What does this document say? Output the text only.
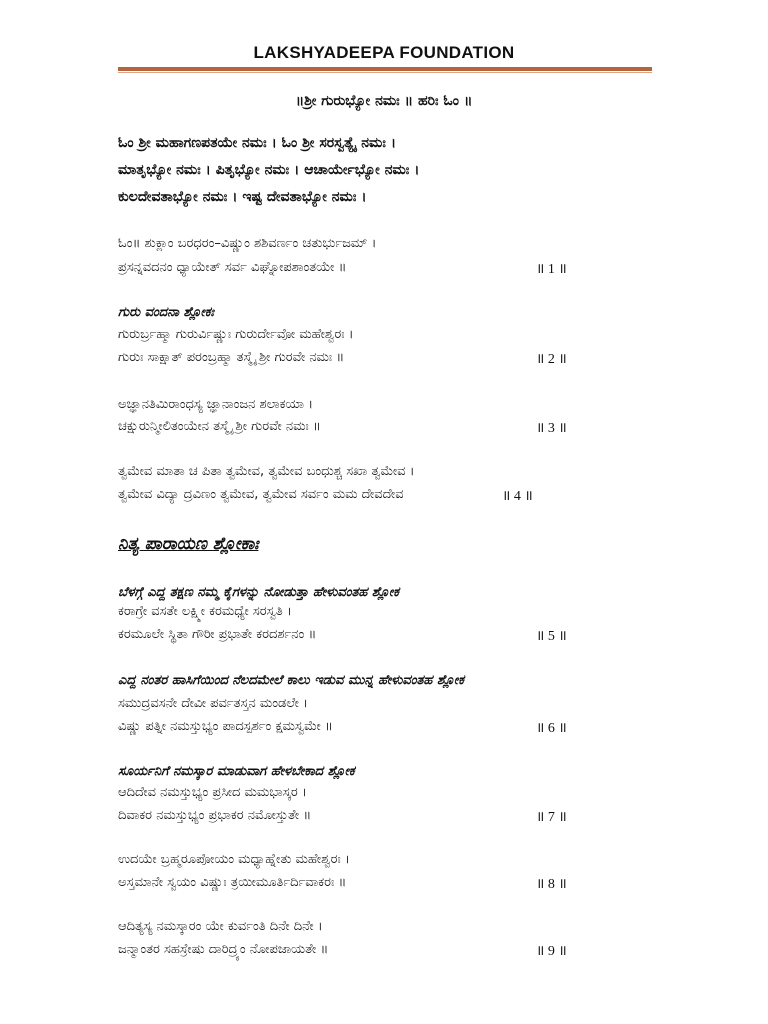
LAKSHYADEEPA FOUNDATION
॥ಶ್ರೀ ಗುರುಭ್ಯೋ ನಮಃ ॥ ಹರಿಃ ಓಂ ॥
ಓಂ ಶ್ರೀ ಮಹಾಗಣಪತಯೇ ನಮಃ । ಓಂ ಶ್ರೀ ಸರಸ್ವತ್ಯೈ ನಮಃ ।
ಮಾತೃಭ್ಯೋ ನಮಃ । ಪಿತೃಭ್ಯೋ ನಮಃ । ಆಚಾರ್ಯೇಭ್ಯೋ ನಮಃ ।
ಕುಲದೇವತಾಭ್ಯೋ ನಮಃ । ಇಷ್ಟ ದೇವತಾಭ್ಯೋ ನಮಃ ।
ಓಂ॥ ಶುಕ್ಲಾಂ ಬರಧರಂ–ವಿಷ್ಣುಂ ಶಶಿವರ್ಣಂ ಚತುರ್ಭುಜಮ್ ।
ಪ್ರಸನ್ನವದನಂ ಧ್ಯಾಯೇತ್ ಸರ್ವ ವಿಘ್ನೋಪಶಾಂತಯೇ ॥	॥ 1 ॥
ಗುರು ವಂದನಾ ಶ್ಲೋಕಃ
ಗುರುರ್ಬ್ರಹ್ಮಾ ಗುರುರ್ವಿಷ್ಣುಃ ಗುರುರ್ದೇವೋ ಮಹೇಶ್ವರಃ ।
ಗುರುಃ ಸಾಕ್ಷಾತ್ ಪರಂಬ್ರಹ್ಮಾ ತಸ್ಮೈ ಶ್ರೀ ಗುರವೇ ನಮಃ ॥	॥ 2 ॥
ಅಜ್ಞಾನತಿಮಿರಾಂಧಸ್ಯ ಜ್ಞಾನಾಂಜನ ಶಲಾಕಯಾ ।
ಚಕ್ಷುರುನ್ಮೀಲಿತಂಯೇನ ತಸ್ಮೈ ಶ್ರೀ ಗುರವೇ ನಮಃ ॥	॥ 3 ॥
ತ್ವಮೇವ ಮಾತಾ ಚ ಪಿತಾ ತ್ವಮೇವ, ತ್ವಮೇವ ಬಂಧುಶ್ಚ ಸಖಾ ತ್ವಮೇವ ।
ತ್ವಮೇವ ವಿದ್ಯಾ ದ್ರವಿಣಂ ತ್ವಮೇವ, ತ್ವಮೇವ ಸರ್ವಂ ಮಮ ದೇವದೇವ	॥ 4 ॥
ನಿತ್ಯ ಪಾರಾಯಣ ಶ್ಲೋಕಾಃ
ಬೆಳಗ್ಗೆ ಎದ್ದ ತಕ್ಷಣ ನಮ್ಮ ಕೈಗಳನ್ನು ನೋಡುತ್ತಾ ಹೇಳುವಂತಹ ಶ್ಲೋಕ
ಕರಾಗ್ರೇ ವಸತೇ ಲಕ್ಷ್ಮೀ ಕರಮಧ್ಯೇ ಸರಸ್ವತಿ ।
ಕರಮೂಲೇ ಸ್ಥಿತಾ ಗೌರೀ ಪ್ರಭಾತೇ ಕರದರ್ಶನಂ ॥	॥ 5 ॥
ಎದ್ದ ನಂತರ ಹಾಸಿಗೆಯಿಂದ ನೆಲದಮೇಲೆ ಕಾಲು ಇಡುವ ಮುನ್ನ ಹೇಳುವಂತಹ ಶ್ಲೋಕ
ಸಮುದ್ರವಸನೇ ದೇವೀ ಪರ್ವತಸ್ತನ ಮಂಡಲೇ ।
ವಿಷ್ಣು ಪತ್ನೀ ನಮಸ್ತುಭ್ಯಂ ಪಾದಸ್ಪರ್ಶಂ ಕ್ಷಮಸ್ವಮೇ ॥	॥ 6 ॥
ಸೂರ್ಯನಿಗೆ ನಮಸ್ಕಾರ ಮಾಡುವಾಗ ಹೇಳಬೇಕಾದ ಶ್ಲೋಕ
ಆದಿದೇವ ನಮಸ್ತುಭ್ಯಂ ಪ್ರಸೀದ ಮಮಭಾಸ್ಕರ ।
ದಿವಾಕರ ನಮಸ್ತುಭ್ಯಂ ಪ್ರಭಾಕರ ನಮೋಸ್ತುತೇ ॥	॥ 7 ॥
ಉದಯೇ ಬ್ರಹ್ಮರೂಪೋಯಂ ಮಧ್ಯಾಹ್ನೇತು ಮಹೇಶ್ವರಃ ।
ಅಸ್ತಮಾನೇ ಸ್ವಯಂ ವಿಷ್ಣುಃ ತ್ರಯೀಮೂರ್ತಿರ್ದಿವಾಕರಃ ॥	॥ 8 ॥
ಆದಿತ್ಯಸ್ಯ ನಮಸ್ಕಾರಂ ಯೇ ಕುರ್ವಂತಿ ದಿನೇ ದಿನೇ ।
ಜನ್ಮಾಂತರ ಸಹಸ್ರೇಷು ದಾರಿದ್ರ್ಯಂ ನೋಪಜಾಯತೇ ॥	॥ 9 ॥
